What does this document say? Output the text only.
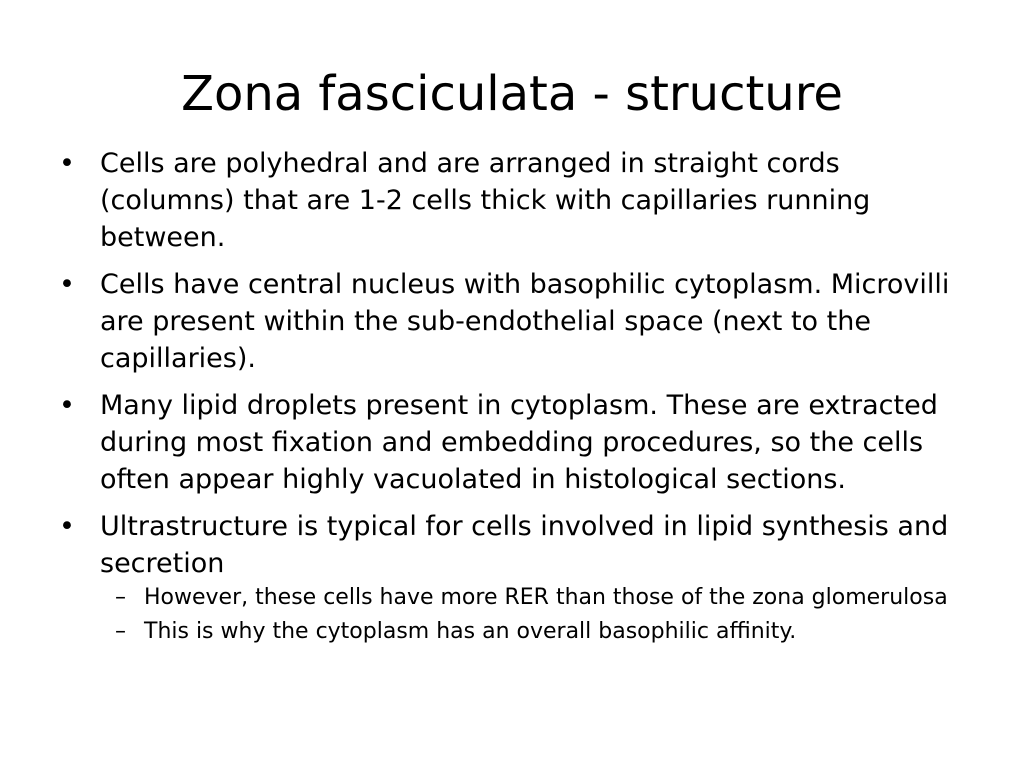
Zona fasciculata - structure
• Cells are polyhedral and are arranged in straight cords (columns) that are 1-2 cells thick with capillaries running between.
• Cells have central nucleus with basophilic cytoplasm. Microvilli are present within the sub-endothelial space (next to the capillaries).
• Many lipid droplets present in cytoplasm. These are extracted during most fixation and embedding procedures, so the cells often appear highly vacuolated in histological sections.
• Ultrastructure is typical for cells involved in lipid synthesis and secretion
– However, these cells have more RER than those of the zona glomerulosa
– This is why the cytoplasm has an overall basophilic affinity.
